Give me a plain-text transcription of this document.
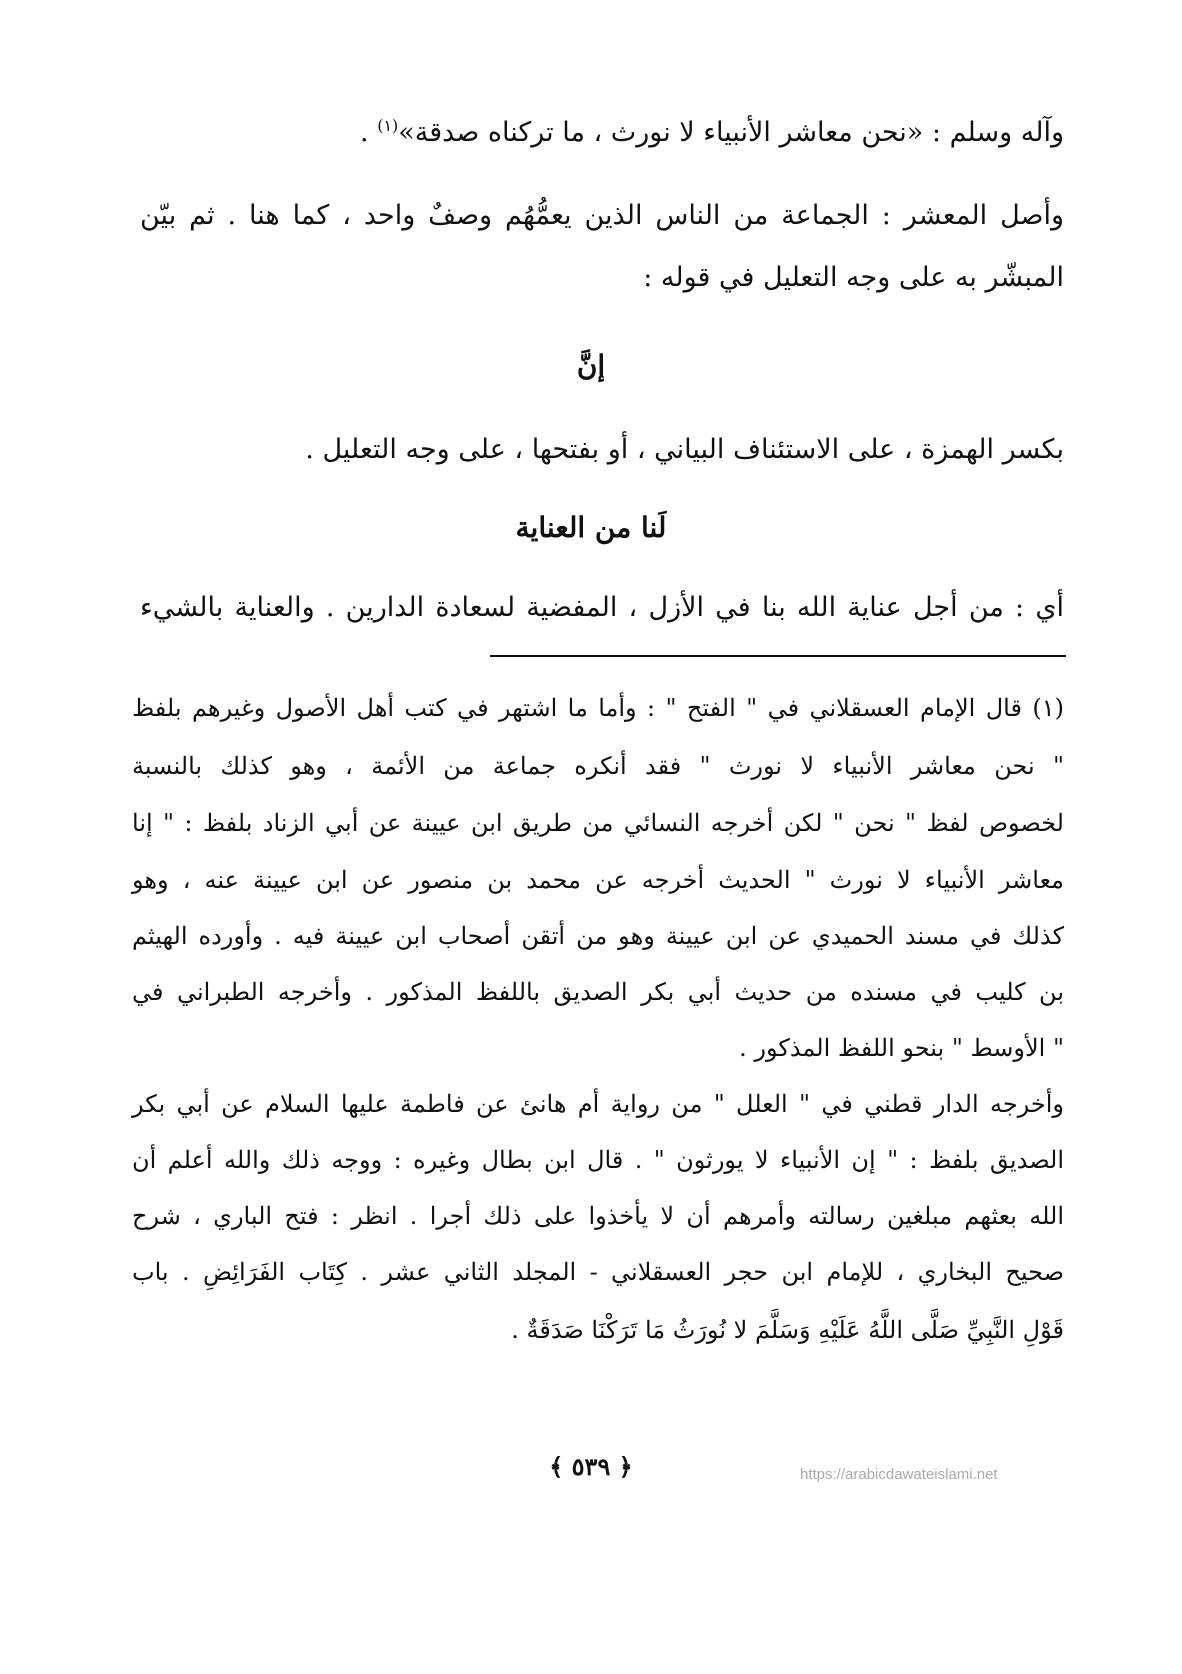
وآله وسلم : «نحن معاشر الأنبياء لا نورث ، ما تركناه صدقة»$^{(١)}$ .
وأصل المعشر : الجماعة من الناس الذين يعمُّهُم وصفٌ واحد ، كما هنا . ثم بيّن
المبشّر به على وجه التعليل في قوله :
إنَّ
بكسر الهمزة ، على الاستئناف البياني ، أو بفتحها ، على وجه التعليل .
لَنا من العناية
أي : من أجل عناية الله بنا في الأزل ، المفضية لسعادة الدارين . والعناية بالشيء
(١) قال الإمام العسقلاني في " الفتح " : وأما ما اشتهر في كتب أهل الأصول وغيرهم بلفظ
" نحن معاشر الأنبياء لا نورث " فقد أنكره جماعة من الأئمة ، وهو كذلك بالنسبة
لخصوص لفظ " نحن " لكن أخرجه النسائي من طريق ابن عيينة عن أبي الزناد بلفظ : " إنا
معاشر الأنبياء لا نورث " الحديث أخرجه عن محمد بن منصور عن ابن عيينة عنه ، وهو
كذلك في مسند الحميدي عن ابن عيينة وهو من أتقن أصحاب ابن عيينة فيه . وأورده الهيثم
بن كليب في مسنده من حديث أبي بكر الصديق باللفظ المذكور . وأخرجه الطبراني في
" الأوسط " بنحو اللفظ المذكور .
وأخرجه الدار قطني في " العلل " من رواية أم هانئ عن فاطمة عليها السلام عن أبي بكر
الصديق بلفظ : " إن الأنبياء لا يورثون " . قال ابن بطال وغيره : ووجه ذلك والله أعلم أن
الله بعثهم مبلغين رسالته وأمرهم أن لا يأخذوا على ذلك أجرا . انظر : فتح الباري ، شرح
صحيح البخاري ، للإمام ابن حجر العسقلاني - المجلد الثاني عشر . كِتَاب الفَرَائِضِ . باب
قَوْلِ النَّبِيِّ صَلَّى اللَّهُ عَلَيْهِ وَسَلَّمَ لا نُورَثُ مَا تَرَكْنَا صَدَقَةٌ .
﴿ ٥٣٩ ﴾	https://arabicdawateislami.net
